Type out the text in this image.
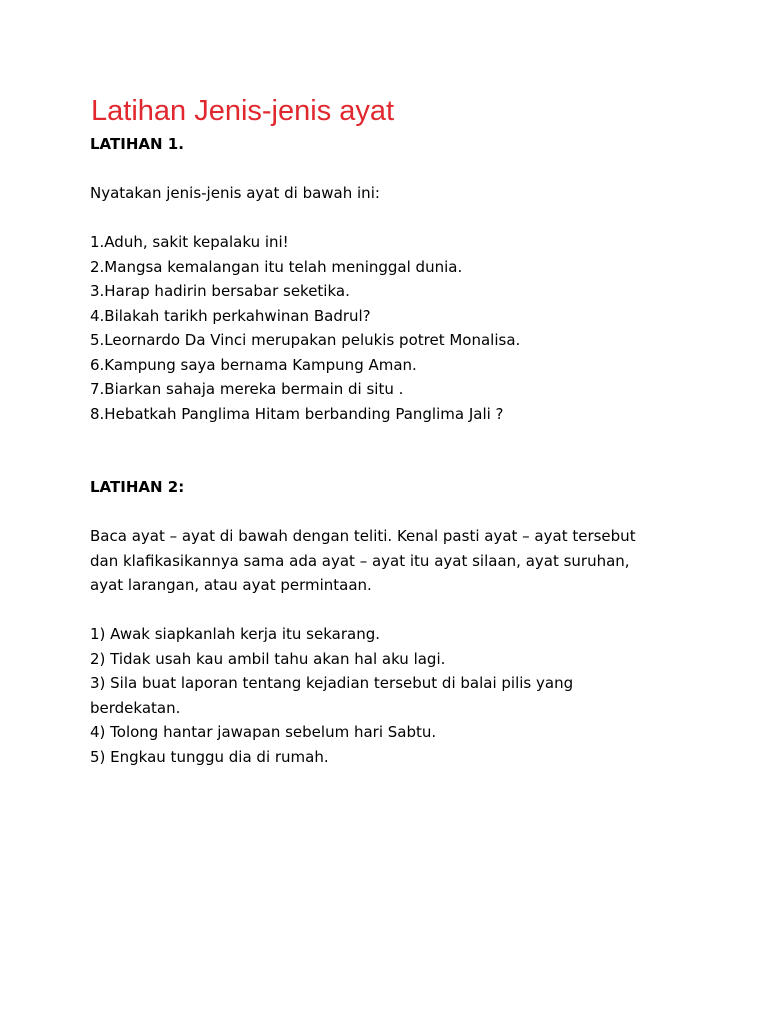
Latihan Jenis-jenis ayat

LATIHAN 1.

Nyatakan jenis-jenis ayat di bawah ini:

1.Aduh, sakit kepalaku ini!

2.Mangsa kemalangan itu telah meninggal dunia.

3.Harap hadirin bersabar seketika.

4.Bilakah tarikh perkahwinan Badrul?

5.Leornardo Da Vinci merupakan pelukis potret Monalisa.

6.Kampung saya bernama Kampung Aman.

7.Biarkan sahaja mereka bermain di situ .

8.Hebatkah Panglima Hitam berbanding Panglima Jali ?

LATIHAN 2:

Baca ayat – ayat di bawah dengan teliti. Kenal pasti ayat – ayat tersebut

dan klafikasikannya sama ada ayat – ayat itu ayat silaan, ayat suruhan,

ayat larangan, atau ayat permintaan.

1) Awak siapkanlah kerja itu sekarang.

2) Tidak usah kau ambil tahu akan hal aku lagi.

3) Sila buat laporan tentang kejadian tersebut di balai pilis yang

berdekatan.

4) Tolong hantar jawapan sebelum hari Sabtu.

5) Engkau tunggu dia di rumah.
